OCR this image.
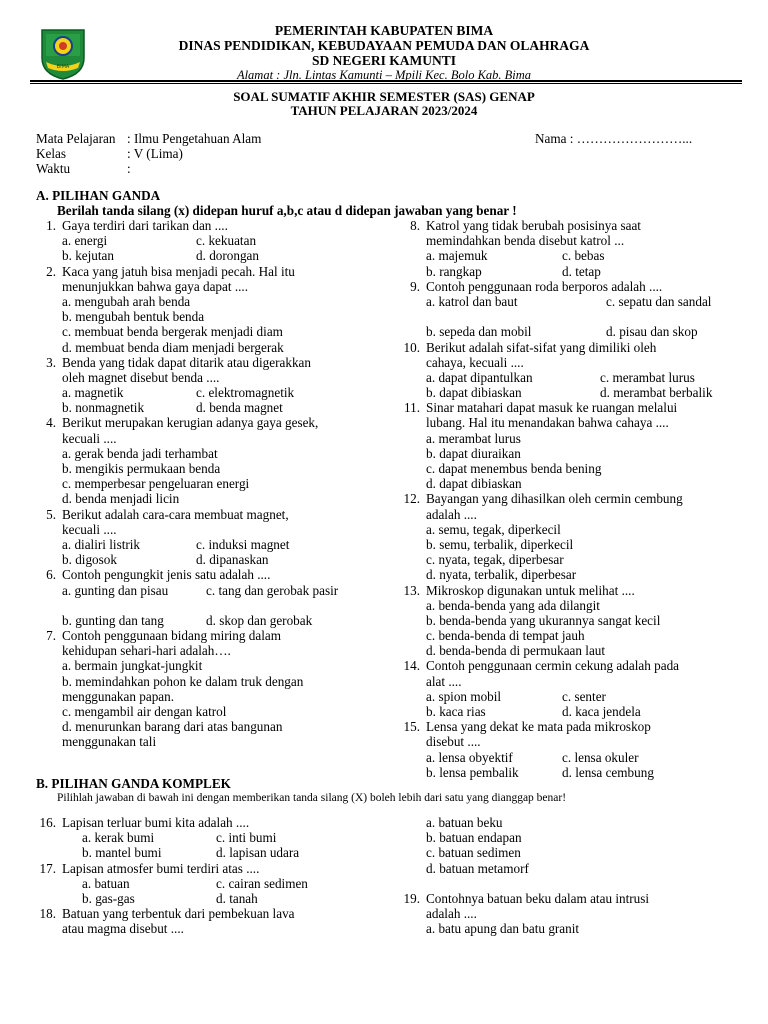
BIMA
PEMERINTAH KABUPATEN BIMA
DINAS PENDIDIKAN, KEBUDAYAAN PEMUDA DAN OLAHRAGA
SD NEGERI KAMUNTI
Alamat : Jln. Lintas Kamunti – Mpili Kec. Bolo Kab. Bima
SOAL SUMATIF AKHIR SEMESTER (SAS) GENAP
TAHUN PELAJARAN 2023/2024
Mata Pelajaran : Ilmu Pengetahuan Alam
Kelas	: V (Lima)
Waktu	:
Nama : ……………………...
A. PILIHAN GANDA
Berilah tanda silang (x) didepan huruf a,b,c atau d didepan jawaban yang benar !
1. Gaya terdiri dari tarikan dan ....
a. energi	c. kekuatan
b. kejutan	d. dorongan
2. Kaca yang jatuh bisa menjadi pecah. Hal itu
menunjukkan bahwa gaya dapat ....
a. mengubah arah benda
b. mengubah bentuk benda
c. membuat benda bergerak menjadi diam
d. membuat benda diam menjadi bergerak
3. Benda yang tidak dapat ditarik atau digerakkan
oleh magnet disebut benda ....
a. magnetik	c. elektromagnetik
b. nonmagnetik	d. benda magnet
4. Berikut merupakan kerugian adanya gaya gesek,
kecuali ....
a. gerak benda jadi terhambat
b. mengikis permukaan benda
c. memperbesar pengeluaran energi
d. benda menjadi licin
5. Berikut adalah cara-cara membuat magnet,
kecuali ....
a. dialiri listrik	c. induksi magnet
b. digosok	d. dipanaskan
6. Contoh pengungkit jenis satu adalah ....
a. gunting dan pisau	c. tang dan gerobak pasir
b. gunting dan tang	d. skop dan gerobak
7. Contoh penggunaan bidang miring dalam
kehidupan sehari-hari adalah….
a. bermain jungkat-jungkit
b. memindahkan pohon ke dalam truk dengan
menggunakan papan.
c. mengambil air dengan katrol
d. menurunkan barang dari atas bangunan
menggunakan tali
8. Katrol yang tidak berubah posisinya saat
memindahkan benda disebut katrol ...
a. majemuk	c. bebas
b. rangkap	d. tetap
9. Contoh penggunaan roda berporos adalah ....
a. katrol dan baut	c. sepatu dan sandal
b. sepeda dan mobil	d. pisau dan skop
10. Berikut adalah sifat-sifat yang dimiliki oleh
cahaya, kecuali ....
a. dapat dipantulkan	c. merambat lurus
b. dapat dibiaskan	d. merambat berbalik
11. Sinar matahari dapat masuk ke ruangan melalui
lubang. Hal itu menandakan bahwa cahaya ....
a. merambat lurus
b. dapat diuraikan
c. dapat menembus benda bening
d. dapat dibiaskan
12. Bayangan yang dihasilkan oleh cermin cembung
adalah ....
a. semu, tegak, diperkecil
b. semu, terbalik, diperkecil
c. nyata, tegak, diperbesar
d. nyata, terbalik, diperbesar
13. Mikroskop digunakan untuk melihat ....
a. benda-benda yang ada dilangit
b. benda-benda yang ukurannya sangat kecil
c. benda-benda di tempat jauh
d. benda-benda di permukaan laut
14. Contoh penggunaan cermin cekung adalah pada
alat ....
a. spion mobil	c. senter
b. kaca rias	d. kaca jendela
15. Lensa yang dekat ke mata pada mikroskop
disebut ....
a. lensa obyektif	c. lensa okuler
b. lensa pembalik	d. lensa cembung
B. PILIHAN GANDA KOMPLEK
Pilihlah jawaban di bawah ini dengan memberikan tanda silang (X) boleh lebih dari satu yang dianggap benar!
16. Lapisan terluar bumi kita adalah ....
a. kerak bumi	c. inti bumi
b. mantel bumi	d. lapisan udara
17. Lapisan atmosfer bumi terdiri atas ....
a. batuan	c. cairan sedimen
b. gas-gas	d. tanah
18. Batuan yang terbentuk dari pembekuan lava
atau magma disebut ....
a. batuan beku
b. batuan endapan
c. batuan sedimen
d. batuan metamorf
19. Contohnya batuan beku dalam atau intrusi
adalah ....
a. batu apung dan batu granit
